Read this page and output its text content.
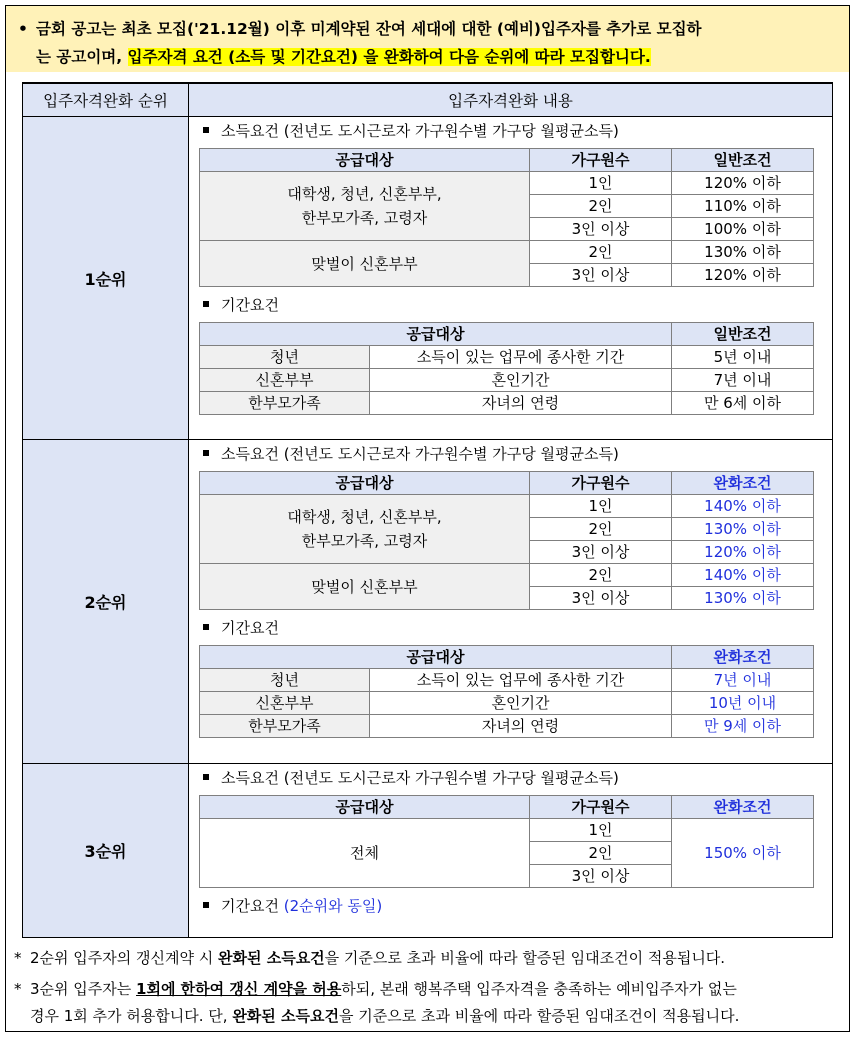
• 금회 공고는 최초 모집('21.12월) 이후 미계약된 잔여 세대에 대한 (예비)입주자를 추가로 모집하
는 공고이며, 입주자격 요건 (소득 및 기간요건) 을 완화하여 다음 순위에 따라 모집합니다.
입주자격완화 순위	입주자격완화 내용
1순위	
소득요건 (전년도 도시근로자 가구원수별 가구당 월평균소득)
공급대상	가구원수	일반조건
대학생, 청년, 신혼부부,
한부모가족, 고령자	1인	120% 이하
2인	110% 이하
3인 이상	100% 이하
맞벌이 신혼부부	2인	130% 이하
3인 이상	120% 이하
기간요건
공급대상	일반조건
청년	소득이 있는 업무에 종사한 기간	5년 이내
신혼부부	혼인기간	7년 이내
한부모가족	자녀의 연령	만 6세 이하

2순위	
소득요건 (전년도 도시근로자 가구원수별 가구당 월평균소득)
공급대상	가구원수	완화조건
대학생, 청년, 신혼부부,
한부모가족, 고령자	1인	140% 이하
2인	130% 이하
3인 이상	120% 이하
맞벌이 신혼부부	2인	140% 이하
3인 이상	130% 이하
기간요건
공급대상	완화조건
청년	소득이 있는 업무에 종사한 기간	7년 이내
신혼부부	혼인기간	10년 이내
한부모가족	자녀의 연령	만 9세 이하

3순위	
소득요건 (전년도 도시근로자 가구원수별 가구당 월평균소득)
공급대상	가구원수	완화조건
전체	1인	150% 이하
2인
3인 이상
기간요건 (2순위와 동일)
* 2순위 입주자의 갱신계약 시 완화된 소득요건을 기준으로 초과 비율에 따라 할증된 임대조건이 적용됩니다.
* 3순위 입주자는 1회에 한하여 갱신 계약을 허용하되, 본래 행복주택 입주자격을 충족하는 예비입주자가 없는
경우 1회 추가 허용합니다. 단, 완화된 소득요건을 기준으로 초과 비율에 따라 할증된 임대조건이 적용됩니다.
